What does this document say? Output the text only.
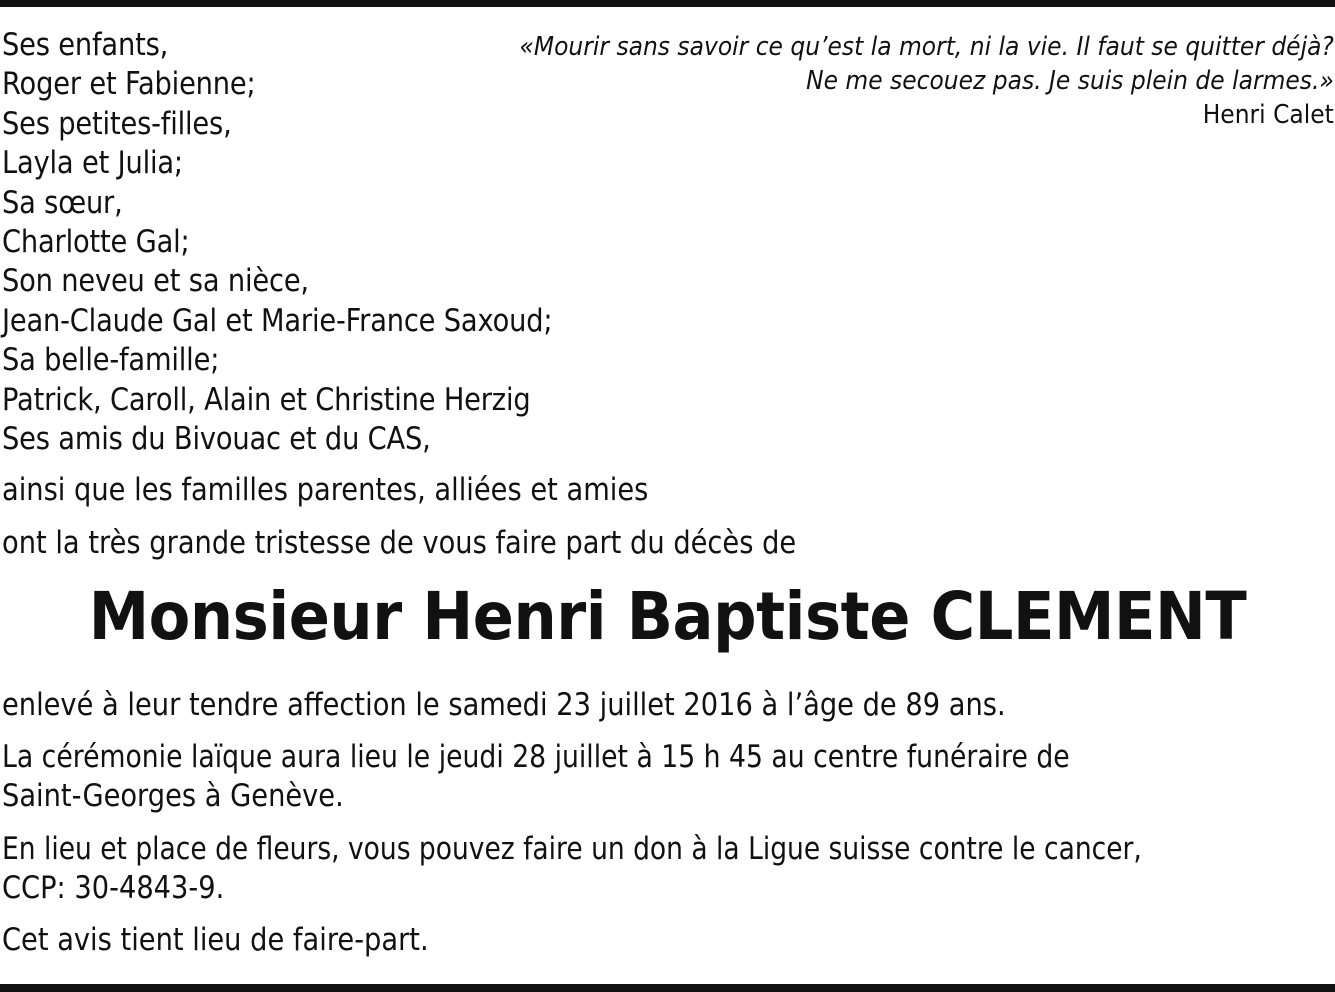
Ses enfants,
Roger et Fabienne;
Ses petites-filles,
Layla et Julia;
Sa sœur,
Charlotte Gal;
Son neveu et sa nièce,
Jean-Claude Gal et Marie-France Saxoud;
Sa belle-famille;
Patrick, Caroll, Alain et Christine Herzig
Ses amis du Bivouac et du CAS,
«Mourir sans savoir ce qu’est la mort, ni la vie. Il faut se quitter déjà?
Ne me secouez pas. Je suis plein de larmes.»
Henri Calet
ainsi que les familles parentes, alliées et amies
ont la très grande tristesse de vous faire part du décès de
Monsieur Henri Baptiste CLEMENT
enlevé à leur tendre affection le samedi 23 juillet 2016 à l’âge de 89 ans.
La cérémonie laïque aura lieu le jeudi 28 juillet à 15 h 45 au centre funéraire de
Saint-Georges à Genève.
En lieu et place de fleurs, vous pouvez faire un don à la Ligue suisse contre le cancer,
CCP: 30-4843-9.
Cet avis tient lieu de faire-part.
